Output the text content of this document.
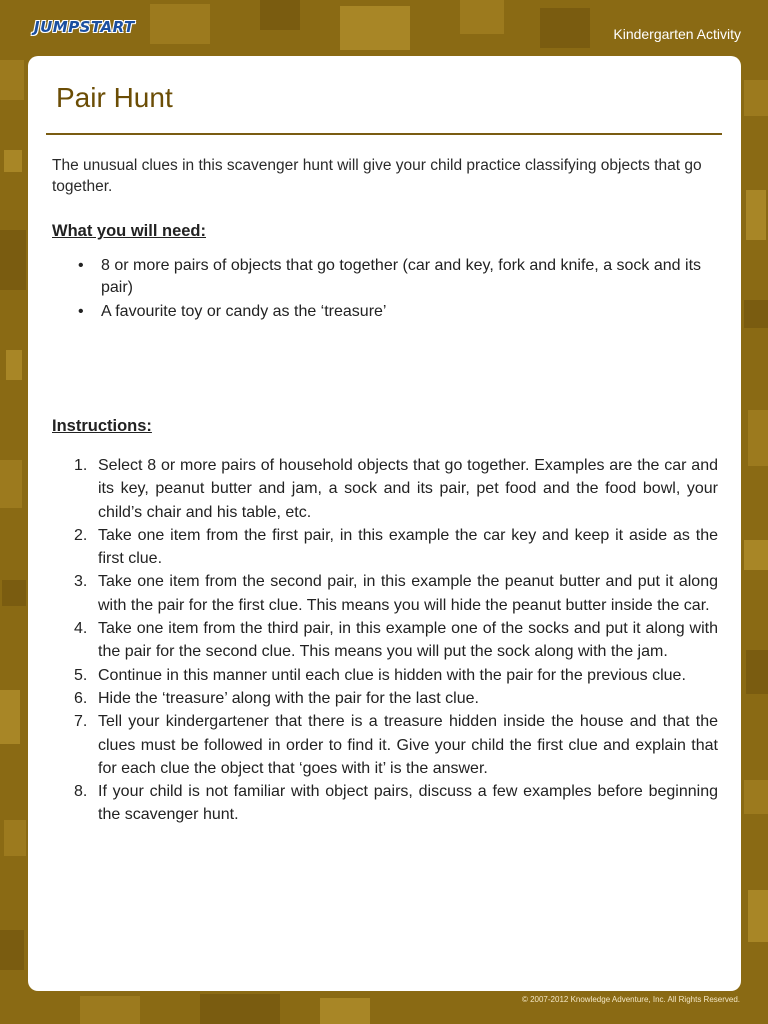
JUMPSTART	Kindergarten Activity
Pair Hunt

The unusual clues in this scavenger hunt will give your child practice classifying objects that go together.

What you will need:
• 8 or more pairs of objects that go together (car and key, fork and knife, a sock and its pair)
• A favourite toy or candy as the ‘treasure’
Instructions:
1. Select 8 or more pairs of household objects that go together. Examples are the car and its key, peanut butter and jam, a sock and its pair, pet food and the food bowl, your child’s chair and his table, etc.
2. Take one item from the first pair, in this example the car key and keep it aside as the first clue.
3. Take one item from the second pair, in this example the peanut butter and put it along with the pair for the first clue. This means you will hide the peanut butter inside the car.
4. Take one item from the third pair, in this example one of the socks and put it along with the pair for the second clue. This means you will put the sock along with the jam.
5. Continue in this manner until each clue is hidden with the pair for the previous clue.
6. Hide the ‘treasure’ along with the pair for the last clue.
7. Tell your kindergartener that there is a treasure hidden inside the house and that the clues must be followed in order to find it. Give your child the first clue and explain that for each clue the object that ‘goes with it’ is the answer.
8. If your child is not familiar with object pairs, discuss a few examples before beginning the scavenger hunt.
© 2007-2012 Knowledge Adventure, Inc. All Rights Reserved.
